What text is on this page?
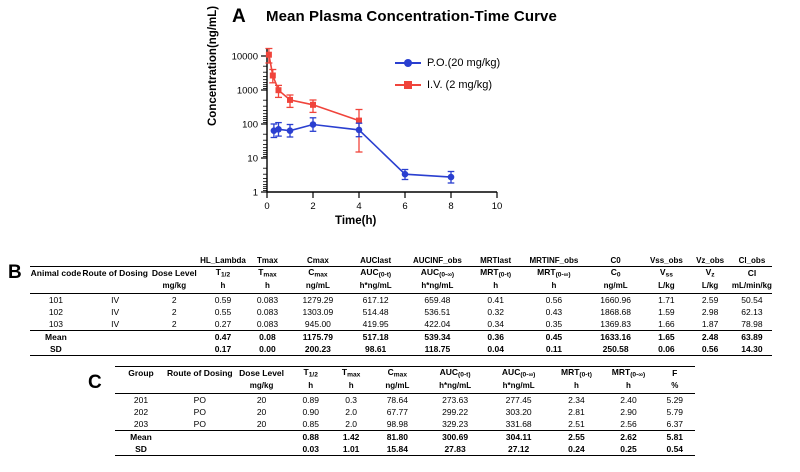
A Mean Plasma Concentration-Time Curve
Concentration(ng/mL)
Time(h)
10000
1000
100
10
1
0	2	4	6	8	10
P.O.(20 mg/kg)
I.V. (2 mg/kg)
B
			HL_Lambda	Tmax	Cmax	AUClast	AUCINF_obs	MRTlast	MRTINF_obs	C0	Vss_obs	Vz_obs	Cl_obs
Animal code	Route of Dosing	Dose Level	$T_{1/2}$	$T_{max}$	$C_{max}$	$AUC_{(0-t)}$	$AUC_{(0-\infty)}$	$MRT_{(0-t)}$	$MRT_{(0-\infty)}$	$C_0$	$V_{ss}$	$V_z$	Cl
		mg/kg	h	h	ng/mL	h*ng/mL	h*ng/mL	h	h	ng/mL	L/kg	L/kg	mL/min/kg
101	IV	2	0.59	0.083	1279.29	617.12	659.48	0.41	0.56	1660.96	1.71	2.59	50.54
102	IV	2	0.55	0.083	1303.09	514.48	536.51	0.32	0.43	1868.68	1.59	2.98	62.13
103	IV	2	0.27	0.083	945.00	419.95	422.04	0.34	0.35	1369.83	1.66	1.87	78.98
Mean			0.47	0.08	1175.79	517.18	539.34	0.36	0.45	1633.16	1.65	2.48	63.89
SD			0.17	0.00	200.23	98.61	118.75	0.04	0.11	250.58	0.06	0.56	14.30
C	Group	Route of Dosing	Dose Level	$T_{1/2}$	$T_{max}$	$C_{max}$	$AUC_{(0-t)}$	$AUC_{(0-\infty)}$	$MRT_{(0-t)}$	$MRT_{(0-\infty)}$	F
		mg/kg	h	h	ng/mL	h*ng/mL	h*ng/mL	h	h	%
201	PO	20	0.89	0.3	78.64	273.63	277.45	2.34	2.40	5.29
202	PO	20	0.90	2.0	67.77	299.22	303.20	2.81	2.90	5.79
203	PO	20	0.85	2.0	98.98	329.23	331.68	2.51	2.56	6.37
Mean			0.88	1.42	81.80	300.69	304.11	2.55	2.62	5.81
SD			0.03	1.01	15.84	27.83	27.12	0.24	0.25	0.54
